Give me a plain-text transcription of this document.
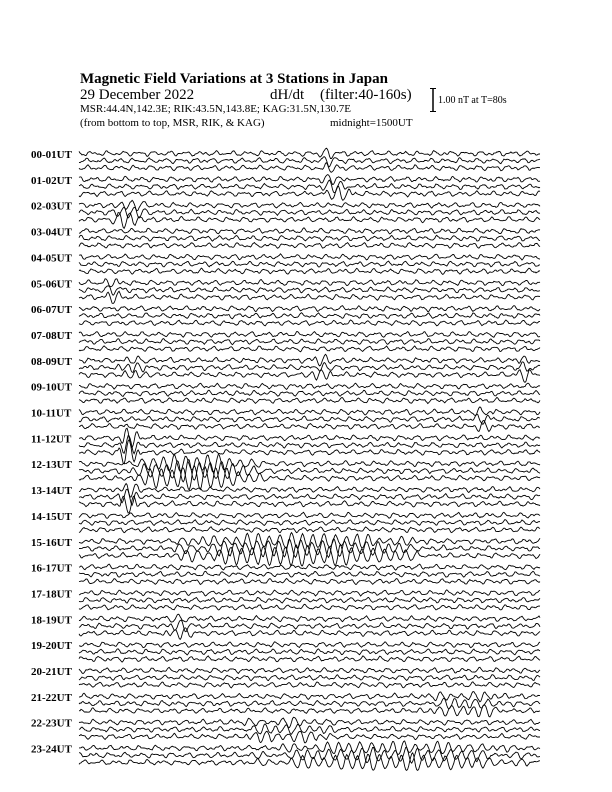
Magnetic Field Variations at 3 Stations in Japan
29 December 2022	dH/dt (filter:40-160s)
MSR:44.4N,142.3E; RIK:43.5N,143.8E; KAG:31.5N,130.7E
(from bottom to top, MSR, RIK, & KAG)	midnight=1500UT
1.00 nT at T=80s
00-01UT
01-02UT
02-03UT
03-04UT
04-05UT
05-06UT
06-07UT
07-08UT
08-09UT
09-10UT
10-11UT
11-12UT
12-13UT
13-14UT
14-15UT
15-16UT
16-17UT
17-18UT
18-19UT
19-20UT
20-21UT
21-22UT
22-23UT
23-24UT
